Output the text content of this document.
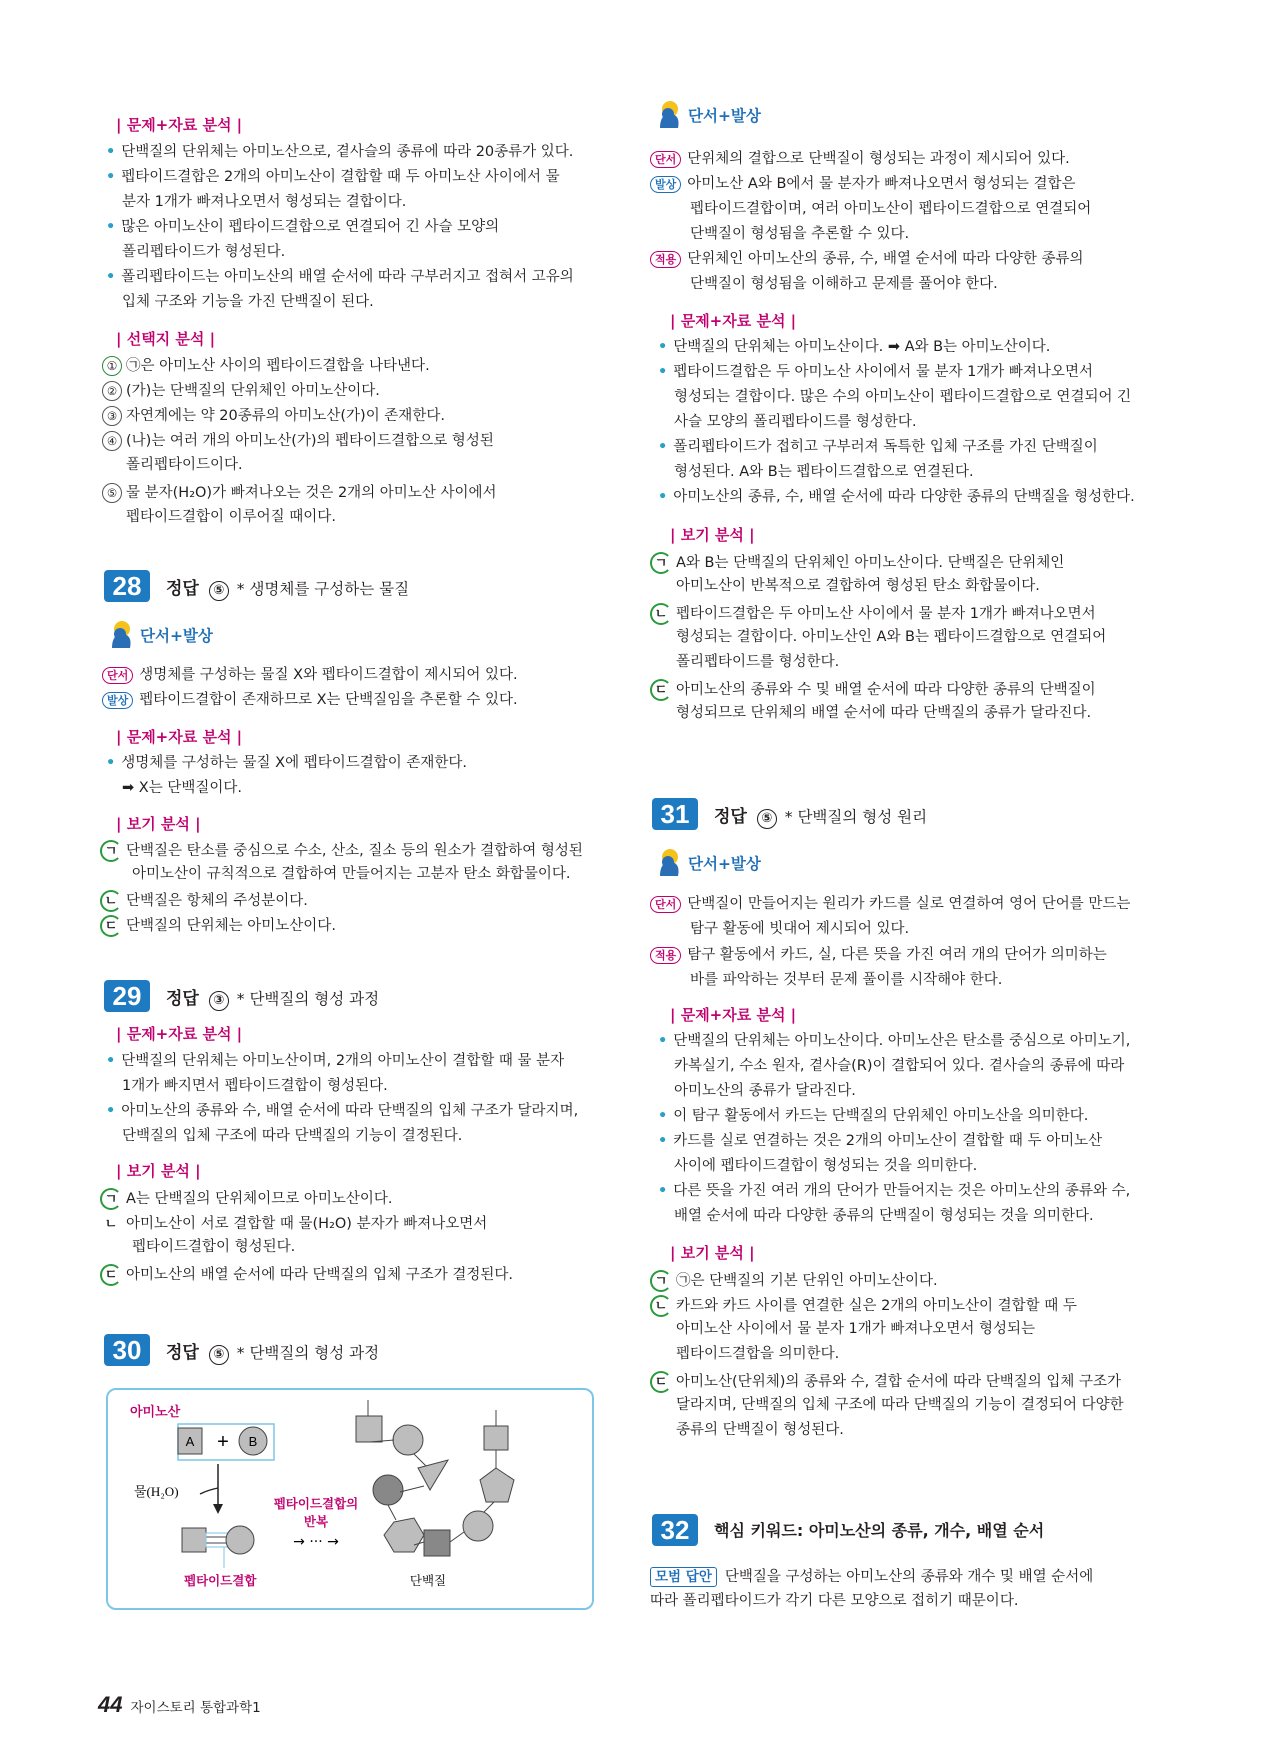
| 문제+자료 분석 |
• 단백질의 단위체는 아미노산으로, 곁사슬의 종류에 따라 20종류가 있다.
• 펩타이드결합은 2개의 아미노산이 결합할 때 두 아미노산 사이에서 물
분자 1개가 빠져나오면서 형성되는 결합이다.
• 많은 아미노산이 펩타이드결합으로 연결되어 긴 사슬 모양의
폴리펩타이드가 형성된다.
• 폴리펩타이드는 아미노산의 배열 순서에 따라 구부러지고 접혀서 고유의
입체 구조와 기능을 가진 단백질이 된다.
| 선택지 분석 |
① ㉠은 아미노산 사이의 펩타이드결합을 나타낸다.
② (가)는 단백질의 단위체인 아미노산이다.
③ 자연계에는 약 20종류의 아미노산(가)이 존재한다.
④ (나)는 여러 개의 아미노산(가)의 펩타이드결합으로 형성된
폴리펩타이드이다.
⑤ 물 분자(H₂O)가 빠져나오는 것은 2개의 아미노산 사이에서
펩타이드결합이 이루어질 때이다.
28	정답 ⑤ * 생명체를 구성하는 물질
단서+발상
단서 생명체를 구성하는 물질 X와 펩타이드결합이 제시되어 있다.
발상 펩타이드결합이 존재하므로 X는 단백질임을 추론할 수 있다.
| 문제+자료 분석 |
• 생명체를 구성하는 물질 X에 펩타이드결합이 존재한다.
➡ X는 단백질이다.
| 보기 분석 |
ㄱ 단백질은 탄소를 중심으로 수소, 산소, 질소 등의 원소가 결합하여 형성된
아미노산이 규칙적으로 결합하여 만들어지는 고분자 탄소 화합물이다.
ㄴ 단백질은 항체의 주성분이다.
ㄷ 단백질의 단위체는 아미노산이다.
29	정답 ③ * 단백질의 형성 과정
| 문제+자료 분석 |
• 단백질의 단위체는 아미노산이며, 2개의 아미노산이 결합할 때 물 분자
1개가 빠지면서 펩타이드결합이 형성된다.
• 아미노산의 종류와 수, 배열 순서에 따라 단백질의 입체 구조가 달라지며,
단백질의 입체 구조에 따라 단백질의 기능이 결정된다.
| 보기 분석 |
ㄱ A는 단백질의 단위체이므로 아미노산이다.
ㄴ 아미노산이 서로 결합할 때 물(H₂O) 분자가 빠져나오면서
펩타이드결합이 형성된다.
ㄷ 아미노산의 배열 순서에 따라 단백질의 입체 구조가 결정된다.
30	정답 ⑤ * 단백질의 형성 과정
아미노산
A + B
물(H₂O)
펩타이드결합
펩타이드결합의
반복
→ ··· →
단백질
단서+발상
단서 단위체의 결합으로 단백질이 형성되는 과정이 제시되어 있다.
발상 아미노산 A와 B에서 물 분자가 빠져나오면서 형성되는 결합은
펩타이드결합이며, 여러 아미노산이 펩타이드결합으로 연결되어
단백질이 형성됨을 추론할 수 있다.
적용 단위체인 아미노산의 종류, 수, 배열 순서에 따라 다양한 종류의
단백질이 형성됨을 이해하고 문제를 풀어야 한다.
| 문제+자료 분석 |
• 단백질의 단위체는 아미노산이다. ➡ A와 B는 아미노산이다.
• 펩타이드결합은 두 아미노산 사이에서 물 분자 1개가 빠져나오면서
형성되는 결합이다. 많은 수의 아미노산이 펩타이드결합으로 연결되어 긴
사슬 모양의 폴리펩타이드를 형성한다.
• 폴리펩타이드가 접히고 구부러져 독특한 입체 구조를 가진 단백질이
형성된다. A와 B는 펩타이드결합으로 연결된다.
• 아미노산의 종류, 수, 배열 순서에 따라 다양한 종류의 단백질을 형성한다.
| 보기 분석 |
ㄱ A와 B는 단백질의 단위체인 아미노산이다. 단백질은 단위체인
아미노산이 반복적으로 결합하여 형성된 탄소 화합물이다.
ㄴ 펩타이드결합은 두 아미노산 사이에서 물 분자 1개가 빠져나오면서
형성되는 결합이다. 아미노산인 A와 B는 펩타이드결합으로 연결되어
폴리펩타이드를 형성한다.
ㄷ 아미노산의 종류와 수 및 배열 순서에 따라 다양한 종류의 단백질이
형성되므로 단위체의 배열 순서에 따라 단백질의 종류가 달라진다.
31	정답 ⑤ * 단백질의 형성 원리
단서+발상
단서 단백질이 만들어지는 원리가 카드를 실로 연결하여 영어 단어를 만드는
탐구 활동에 빗대어 제시되어 있다.
적용 탐구 활동에서 카드, 실, 다른 뜻을 가진 여러 개의 단어가 의미하는
바를 파악하는 것부터 문제 풀이를 시작해야 한다.
| 문제+자료 분석 |
• 단백질의 단위체는 아미노산이다. 아미노산은 탄소를 중심으로 아미노기,
카복실기, 수소 원자, 곁사슬(R)이 결합되어 있다. 곁사슬의 종류에 따라
아미노산의 종류가 달라진다.
• 이 탐구 활동에서 카드는 단백질의 단위체인 아미노산을 의미한다.
• 카드를 실로 연결하는 것은 2개의 아미노산이 결합할 때 두 아미노산
사이에 펩타이드결합이 형성되는 것을 의미한다.
• 다른 뜻을 가진 여러 개의 단어가 만들어지는 것은 아미노산의 종류와 수,
배열 순서에 따라 다양한 종류의 단백질이 형성되는 것을 의미한다.
| 보기 분석 |
ㄱ ㉠은 단백질의 기본 단위인 아미노산이다.
ㄴ 카드와 카드 사이를 연결한 실은 2개의 아미노산이 결합할 때 두
아미노산 사이에서 물 분자 1개가 빠져나오면서 형성되는
펩타이드결합을 의미한다.
ㄷ 아미노산(단위체)의 종류와 수, 결합 순서에 따라 단백질의 입체 구조가
달라지며, 단백질의 입체 구조에 따라 단백질의 기능이 결정되어 다양한
종류의 단백질이 형성된다.
32	핵심 키워드: 아미노산의 종류, 개수, 배열 순서
모범 답안 단백질을 구성하는 아미노산의 종류와 개수 및 배열 순서에
따라 폴리펩타이드가 각기 다른 모양으로 접히기 때문이다.
44 자이스토리 통합과학1
